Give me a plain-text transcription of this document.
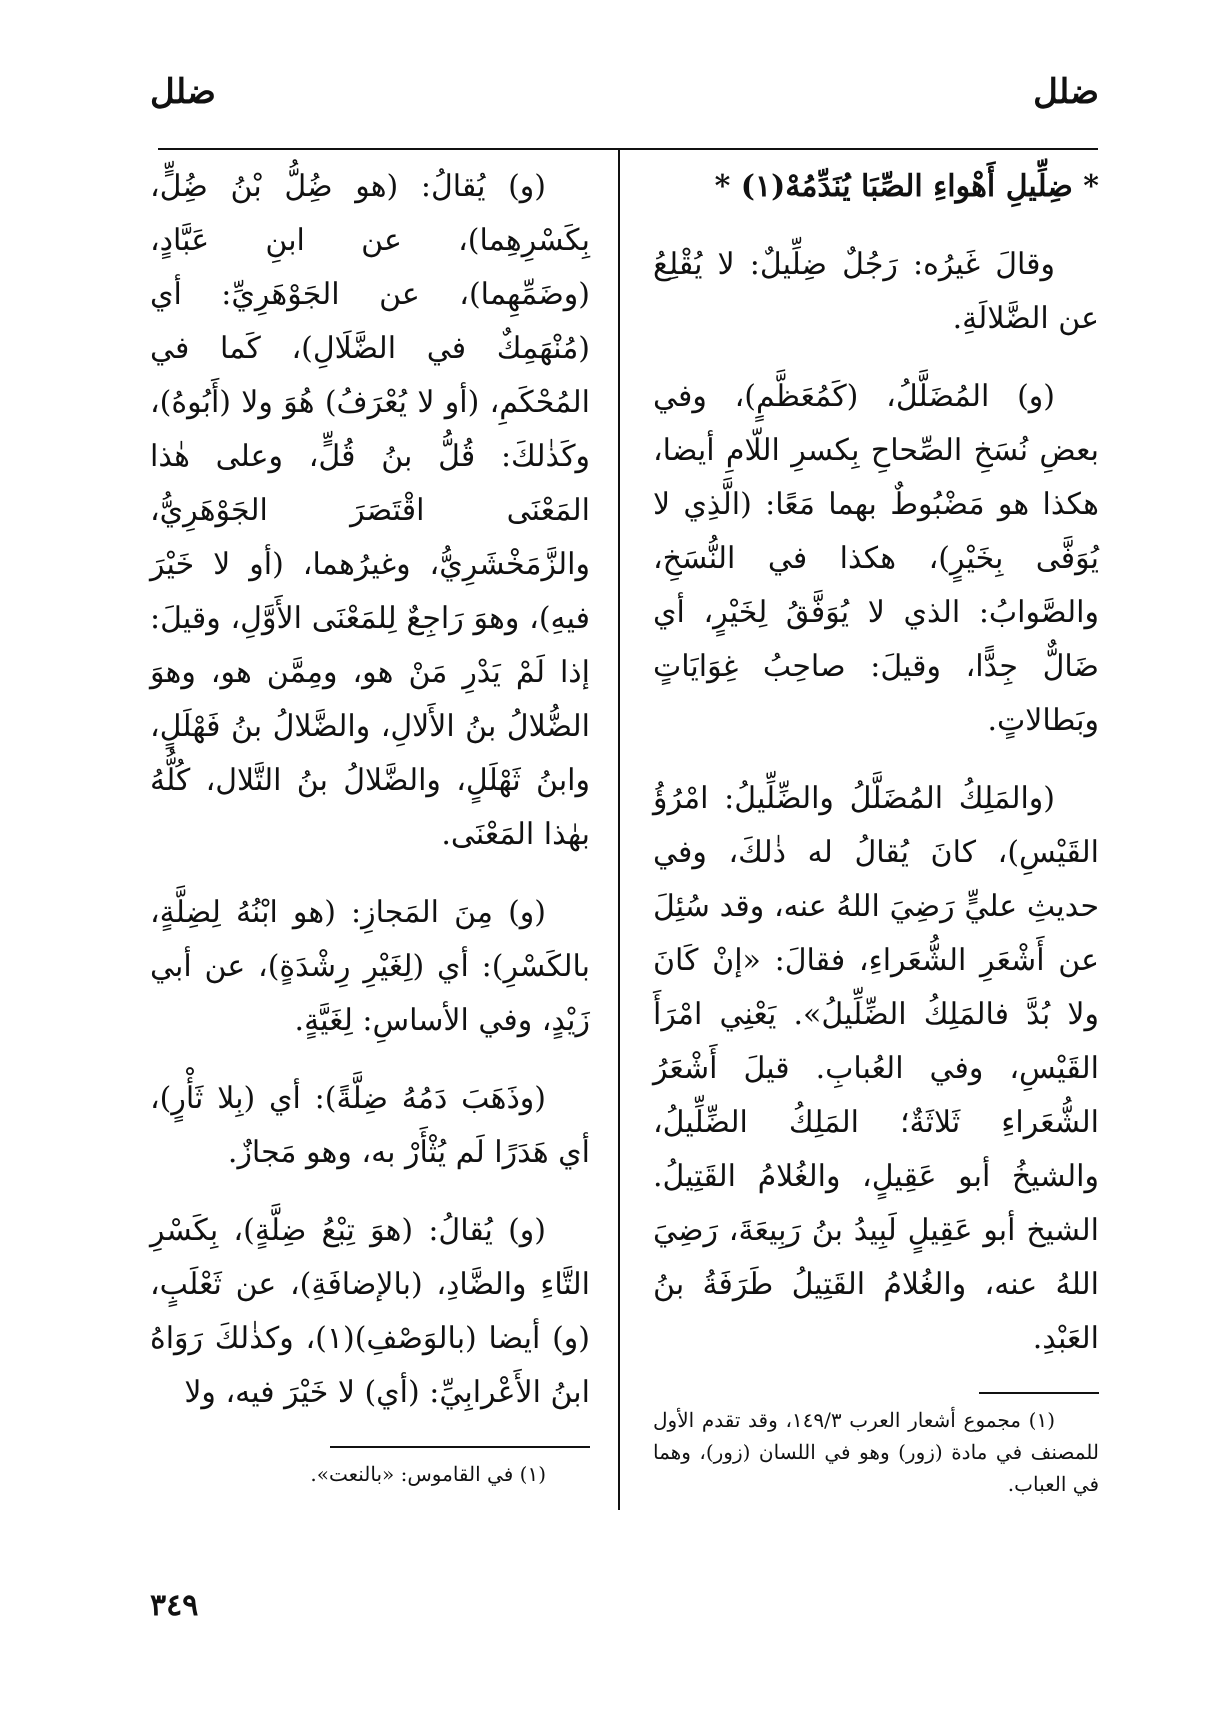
ضلل
ضلل

* ضِلِّيلِ أَهْواءِ الصِّبَا يُنَدِّمُهْ(١) *

وقالَ غَيرُه: رَجُلٌ ضِلِّيلٌ: لا يُقْلِعُ عن الضَّلالَةِ.

(و) المُضَلَّلُ، (كَمُعَظَّمٍ)، وفي بعضِ نُسَخِ الصِّحاحِ بِكسرِ اللّامِ أيضا، هكذا هو مَضْبُوطٌ بهما مَعًا: (الَّذِي لا يُوَفَّى بِخَيْرٍ)، هكذا في النُّسَخِ، والصَّوابُ: الذي لا يُوَفَّقُ لِخَيْرٍ، أي ضَالٌّ جِدًّا، وقيلَ: صاحِبُ غِوَايَاتٍ وبَطالاتٍ.

(والمَلِكُ المُضَلَّلُ والضِّلِّيلُ: امْرُؤُ القَيْسِ)، كانَ يُقالُ له ذٰلكَ، وفي حديثِ عليٍّ رَضِيَ اللهُ عنه، وقد سُئِلَ عن أَشْعَرِ الشُّعَراءِ، فقالَ: «إنْ كَانَ ولا بُدَّ فالمَلِكُ الضِّلِّيلُ». يَعْنِي امْرَأَ القَيْسِ، وفي العُبابِ. قيلَ أَشْعَرُ الشُّعَراءِ ثَلاثَةٌ؛ المَلِكُ الضِّلِّيلُ، والشيخُ أبو عَقِيلٍ، والغُلامُ القَتِيلُ. الشيخ أبو عَقِيلٍ لَبِيدُ بنُ رَبِيعَةَ، رَضِيَ اللهُ عنه، والغُلامُ القَتِيلُ طَرَفَةُ بنُ العَبْدِ.

(١) مجموع أشعار العرب ١٤٩/٣، وقد تقدم الأول للمصنف في مادة (زور) وهو في اللسان (زور)، وهما في العباب.

(و) يُقالُ: (هو ضُِلُّ بْنُ ضُِلٍّ، بِكَسْرِهِما)، عن ابنِ عَبَّادٍ، (وضَمِّهِما)، عن الجَوْهَرِيِّ: أي (مُنْهَمِكٌ في الضَّلَالِ)، كَما في المُحْكَمِ، (أو لا يُعْرَفُ) هُوَ ولا (أَبُوهُ)، وكَذٰلكَ: قُلُّ بنُ قُلٍّ، وعلى هٰذا المَعْنَى اقْتَصَرَ الجَوْهَرِيُّ، والزَّمَخْشَرِيُّ، وغيرُهما، (أو لا خَيْرَ فيهِ)، وهوَ رَاجِعٌ لِلمَعْنَى الأَوَّلِ، وقيلَ: إذا لَمْ يَدْرِ مَنْ هو، ومِمَّن هو، وهوَ الضُّلالُ بنُ الأَلالِ، والضَّلالُ بنُ فَهْلَلٍ، وابنُ ثَهْلَلٍ، والضَّلالُ بنُ التَّلال، كُلُّهُ بهٰذا المَعْنَى.

(و) مِنَ المَجازِ: (هو ابْنُهُ لِضِلَّةٍ، بالكَسْرِ): أي (لِغَيْرِ رِشْدَةٍ)، عن أبي زَيْدٍ، وفي الأساسِ: لِغَيَّةٍ.

(وذَهَبَ دَمُهُ ضِلَّةً): أي (بِلا ثَأْرٍ)، أي هَدَرًا لَم يُثْأَرْ به، وهو مَجازٌ.

(و) يُقالُ: (هوَ تِبْعُ ضِلَّةٍ)، بِكَسْرِ التَّاءِ والضَّادِ، (بالإضافَةِ)، عن ثَعْلَبٍ، (و) أيضا (بالوَصْفِ)(١)، وكذٰلكَ رَوَاهُ ابنُ الأَعْرابِيِّ: (أي) لا خَيْرَ فيه، ولا

(١) في القاموس: «بالنعت».

٣٤٩
